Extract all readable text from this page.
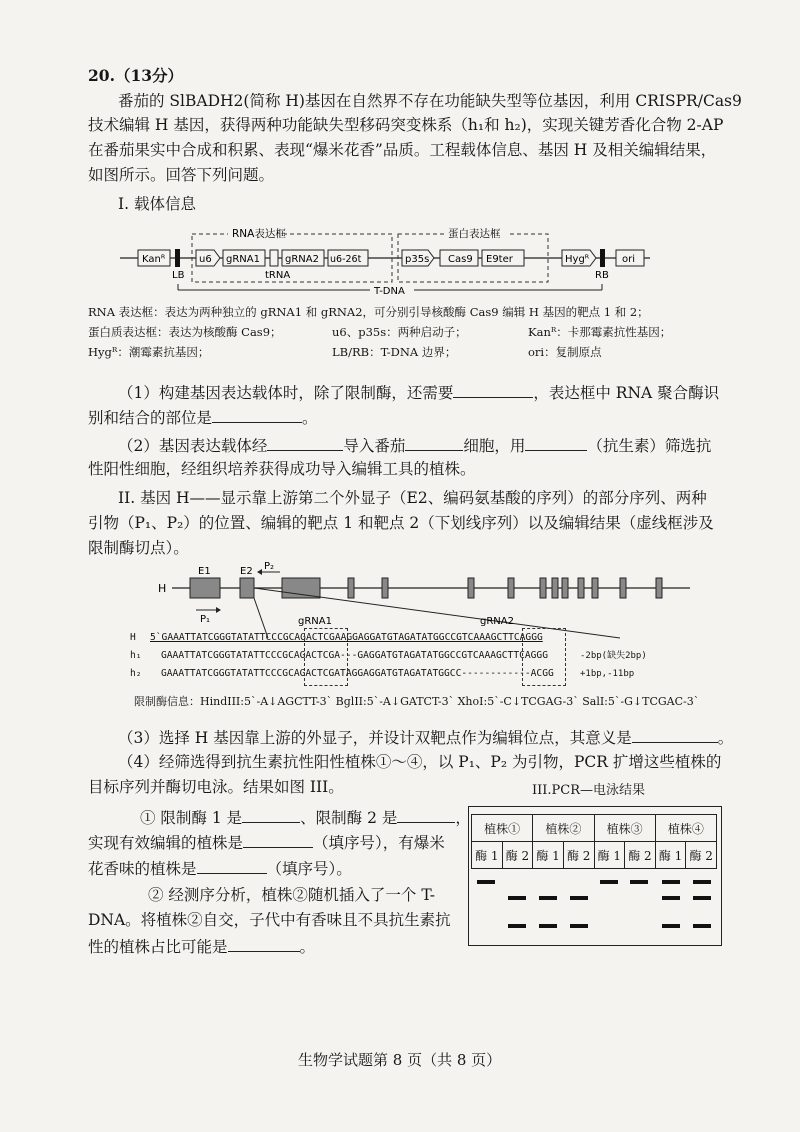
20.（13分）
番茄的 SlBADH2(简称 H)基因在自然界不存在功能缺失型等位基因，利用 CRISPR/Cas9
技术编辑 H 基因，获得两种功能缺失型移码突变株系（h₁和 h₂)，实现关键芳香化合物 2-AP
在番茄果实中合成和积累、表现“爆米花香”品质。工程载体信息、基因 H 及相关编辑结果，
如图所示。回答下列问题。
I. 载体信息
RNA表达框	蛋白表达框
Kanᴿ	u6 gRNA1	gRNA2 u6-26t	p35s Cas9 E9ter	Hygᴿ	ori
LB	tRNA	RB
T-DNA
RNA 表达框：表达为两种独立的 gRNA1 和 gRNA2，可分别引导核酸酶 Cas9 编辑 H 基因的靶点 1 和 2；
蛋白质表达框：表达为核酸酶 Cas9；	u6、p35s：两种启动子；	Kanᴿ：卡那霉素抗性基因；
Hygᴿ：潮霉素抗基因；	LB/RB：T-DNA 边界；	ori：复制原点
（1）构建基因表达载体时，除了限制酶，还需要	，表达框中 RNA 聚合酶识
别和结合的部位是	。
（2）基因表达载体经	导入番茄	细胞，用	（抗生素）筛选抗
性阳性细胞，经组织培养获得成功导入编辑工具的植株。
II. 基因 H——显示靠上游第二个外显子（E2、编码氨基酸的序列）的部分序列、两种
引物（P₁、P₂）的位置、编辑的靶点 1 和靶点 2（下划线序列）以及编辑结果（虚线框涉及
限制酶切点）。
H
E1
P₁
E2 P₂
gRNA1	gRNA2
H 5`GAAATTATCGGGTATATTCCCGCAGACTCGAAGGAGGATGTAGATATGGCCGTCAAAGCTTCAGGG
h₁ GAAATTATCGGGTATATTCCCGCAGACTCGA---GAGGATGTAGATATGGCCGTCAAAGCTTCAGGG	-2bp(缺失2bp)
h₂ GAAATTATCGGGTATATTCCCGCAGACTCGATAGGAGGATGTAGATATGGCC------------ACGG	+1bp,-11bp
限制酶信息：HindIII:5`-A↓AGCTT-3` BglII:5`-A↓GATCT-3` XhoI:5`-C↓TCGAG-3` SalI:5`-G↓TCGAC-3`
（3）选择 H 基因靠上游的外显子，并设计双靶点作为编辑位点，其意义是	。
（4）经筛选得到抗生素抗性阳性植株①～④，以 P₁、P₂ 为引物，PCR 扩增这些植株的
目标序列并酶切电泳。结果如图 III。
① 限制酶 1 是	、限制酶 2 是	，
实现有效编辑的植株是	（填序号），有爆米
花香味的植株是	（填序号）。
② 经测序分析，植株②随机插入了一个 T-
DNA。将植株②自交，子代中有香味且不具抗生素抗
性的植株占比可能是	。
III.PCR—电泳结果
植株①		植株②		植株③		植株④	
酶 1	酶 2	酶 1	酶 2	酶 1	酶 2	酶 1	酶 2
生物学试题第 8 页（共 8 页）
